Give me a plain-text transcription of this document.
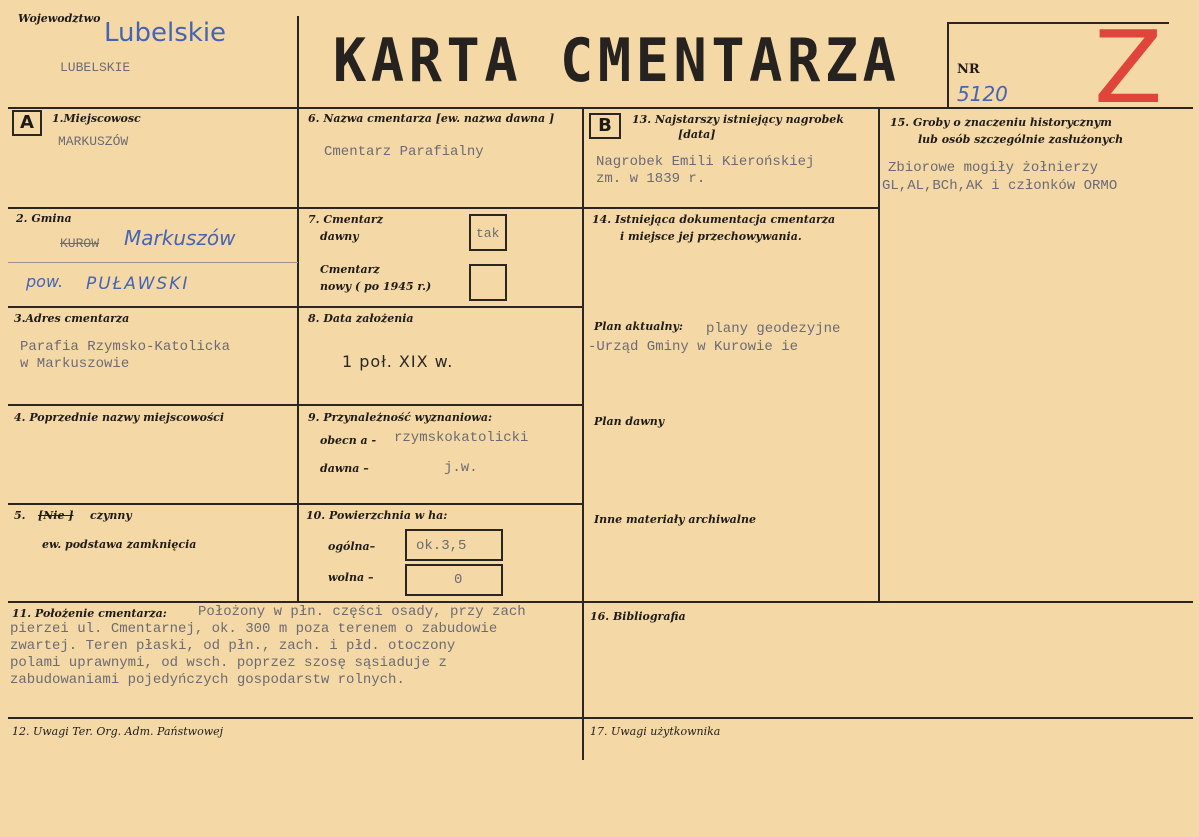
Wojewodztwo Lubelskie
LUBELSKIE	KARTA CMENTARZA	NR
5120 Z
A	B
1.Miejscowosc
MARKUSZÓW
2. Gmina
KUROW Markuszów
pow. PUŁAWSKI
3.Adres cmentarza
Parafia Rzymsko-Katolicka
w Markuszowie
4. Poprzednie nazwy miejscowości
5. [Nie ] czynny
ew. podstawa zamknięcia
6. Nazwa cmentarza [ew. nazwa dawna ]
Cmentarz Parafialny
7. Cmentarz
dawny	tak
Cmentarz
nowy ( po 1945 r.)
8. Data założenia
1 poł. XIX w.
9. Przynależność wyznaniowa:
obecn a - rzymskokatolicki
dawna –	j.w.
10. Powierzchnia w ha:
ogólna–	ok.3,5
wolna –	0
11. Położenie cmentarza: Położony w płn. części osady, przy zach
pierzei ul. Cmentarnej, ok. 300 m poza terenem o zabudowie
zwartej. Teren płaski, od płn., zach. i płd. otoczony
polami uprawnymi, od wsch. poprzez szosę sąsiaduje z
zabudowaniami pojedyńczych gospodarstw rolnych.
12. Uwagi Ter. Org. Adm. Państwowej
13. Najstarszy istniejący nagrobek
[data]
Nagrobek Emili Kierońskiej
zm. w 1839 r.
14. Istniejąca dokumentacja cmentarza
i miejsce jej przechowywania.
Plan aktualny: plany geodezyjne
-Urząd Gminy w Kurowie ie
Plan dawny
Inne materiały archiwalne
15. Groby o znaczeniu historycznym
lub osób szczególnie zasłużonych
Zbiorowe mogiły żołnierzy
GL,AL,BCh,AK i członków ORMO
16. Bibliografia
17. Uwagi użytkownika
